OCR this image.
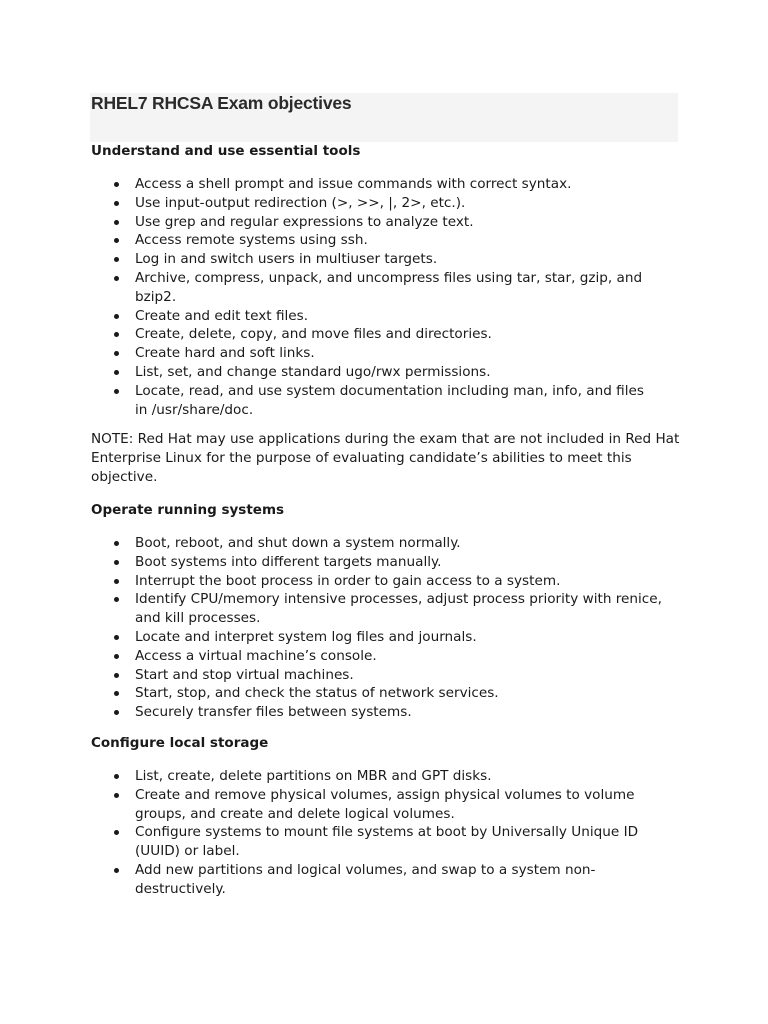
RHEL7 RHCSA Exam objectives
Understand and use essential tools
Access a shell prompt and issue commands with correct syntax.
Use input-output redirection (>, >>, |, 2>, etc.).
Use grep and regular expressions to analyze text.
Access remote systems using ssh.
Log in and switch users in multiuser targets.
Archive, compress, unpack, and uncompress files using tar, star, gzip, and bzip2.
Create and edit text files.
Create, delete, copy, and move files and directories.
Create hard and soft links.
List, set, and change standard ugo/rwx permissions.
Locate, read, and use system documentation including man, info, and files in /usr/share/doc.

NOTE: Red Hat may use applications during the exam that are not included in Red Hat Enterprise Linux for the purpose of evaluating candidate’s abilities to meet this objective.

Operate running systems
Boot, reboot, and shut down a system normally.
Boot systems into different targets manually.
Interrupt the boot process in order to gain access to a system.
Identify CPU/memory intensive processes, adjust process priority with renice, and kill processes.
Locate and interpret system log files and journals.
Access a virtual machine’s console.
Start and stop virtual machines.
Start, stop, and check the status of network services.
Securely transfer files between systems.
Configure local storage
List, create, delete partitions on MBR and GPT disks.
Create and remove physical volumes, assign physical volumes to volume groups, and create and delete logical volumes.
Configure systems to mount file systems at boot by Universally Unique ID (UUID) or label.
Add new partitions and logical volumes, and swap to a system non-destructively.
